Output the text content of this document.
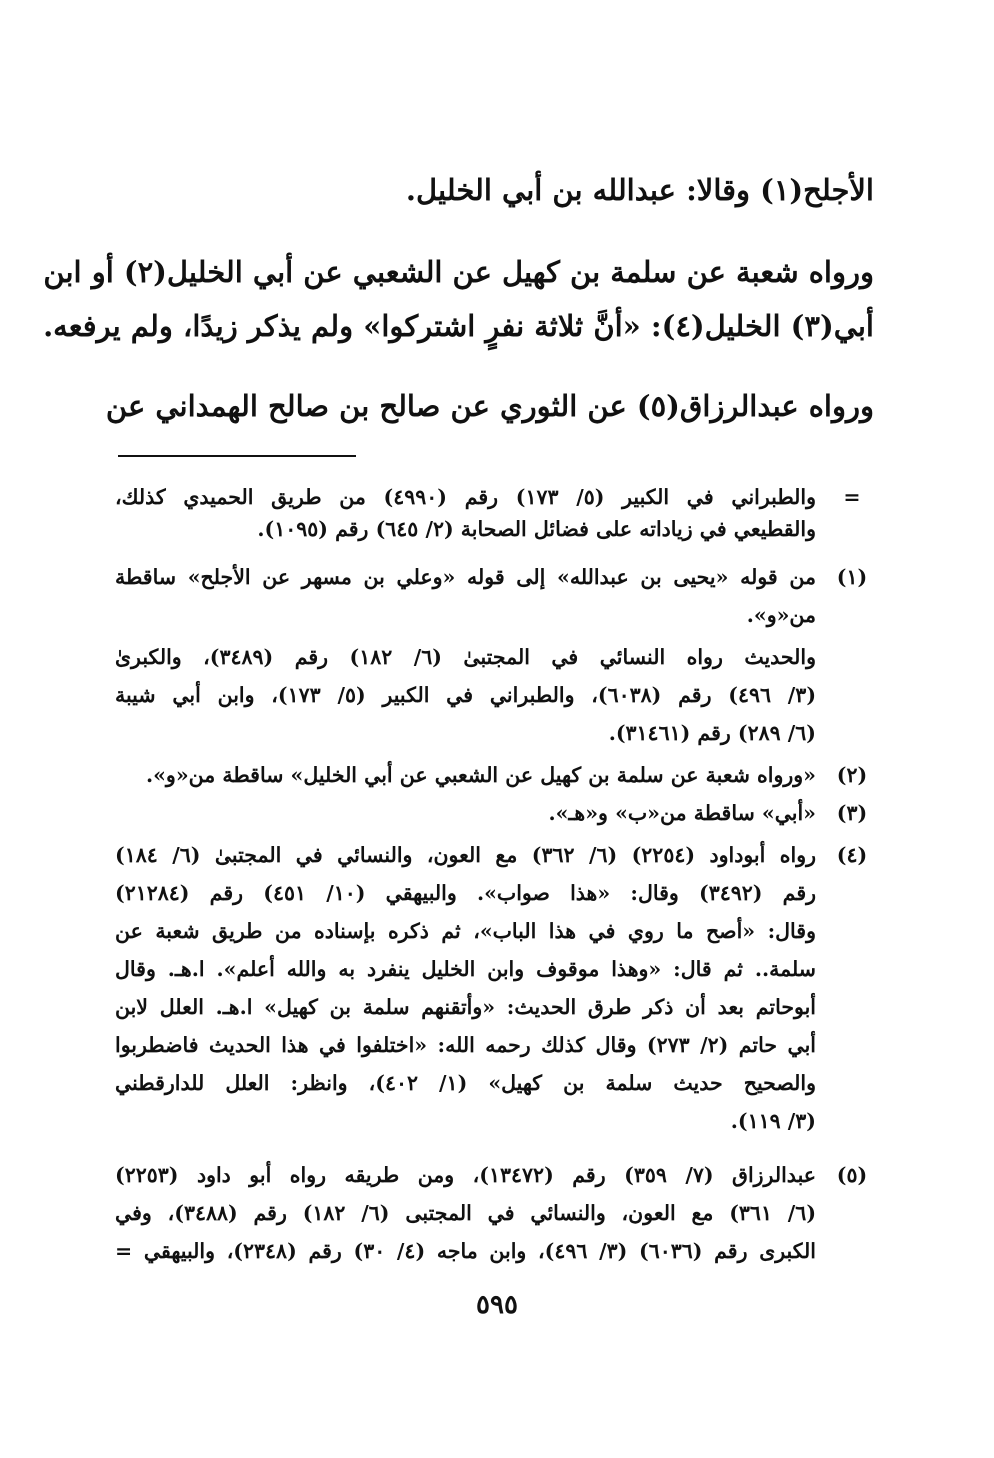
الأجلح(١) وقالا: عبدالله بن أبي الخليل.
ورواه شعبة عن سلمة بن كهيل عن الشعبي عن أبي الخليل(٢) أو ابن
أبي(٣) الخليل(٤): «أنَّ ثلاثة نفرٍ اشتركوا» ولم يذكر زيدًا، ولم يرفعه.
ورواه عبدالرزاق(٥) عن الثوري عن صالح بن صالح الهمداني عن
=
والطبراني في الكبير (٥/ ١٧٣) رقم (٤٩٩٠) من طريق الحميدي كذلك،
والقطيعي في زياداته على فضائل الصحابة (٢/ ٦٤٥) رقم (١٠٩٥).
(١)
من قوله «يحيى بن عبدالله» إلى قوله «وعلي بن مسهر عن الأجلح» ساقطة
من«و».
والحديث رواه النسائي في المجتبىٰ (٦/ ١٨٢) رقم (٣٤٨٩)، والكبرىٰ
(٣/ ٤٩٦) رقم (٦٠٣٨)، والطبراني في الكبير (٥/ ١٧٣)، وابن أبي شيبة
(٦/ ٢٨٩) رقم (٣١٤٦١).
(٢)
«ورواه شعبة عن سلمة بن كهيل عن الشعبي عن أبي الخليل» ساقطة من«و».
(٣)
«أبي» ساقطة من«ب» و«هـ».
(٤)
رواه أبوداود (٢٢٥٤) (٦/ ٣٦٢) مع العون، والنسائي في المجتبىٰ (٦/ ١٨٤)
رقم (٣٤٩٢) وقال: «هذا صواب». والبيهقي (١٠/ ٤٥١) رقم (٢١٢٨٤)
وقال: «أصح ما روي في هذا الباب»، ثم ذكره بإسناده من طريق شعبة عن
سلمة.. ثم قال: «وهذا موقوف وابن الخليل ينفرد به والله أعلم». ا.هـ. وقال
أبوحاتم بعد أن ذكر طرق الحديث: «وأتقنهم سلمة بن كهيل» ا.هـ. العلل لابن
أبي حاتم (٢/ ٢٧٣) وقال كذلك رحمه الله: «اختلفوا في هذا الحديث فاضطربوا
والصحيح حديث سلمة بن كهيل» (١/ ٤٠٢)، وانظر: العلل للدارقطني
(٣/ ١١٩).
(٥)
عبدالرزاق (٧/ ٣٥٩) رقم (١٣٤٧٢)، ومن طريقه رواه أبو داود (٢٢٥٣)
(٦/ ٣٦١) مع العون، والنسائي في المجتبى (٦/ ١٨٢) رقم (٣٤٨٨)، وفي
الكبرى رقم (٦٠٣٦) (٣/ ٤٩٦)، وابن ماجه (٤/ ٣٠) رقم (٢٣٤٨)، والبيهقي =
٥٩٥
